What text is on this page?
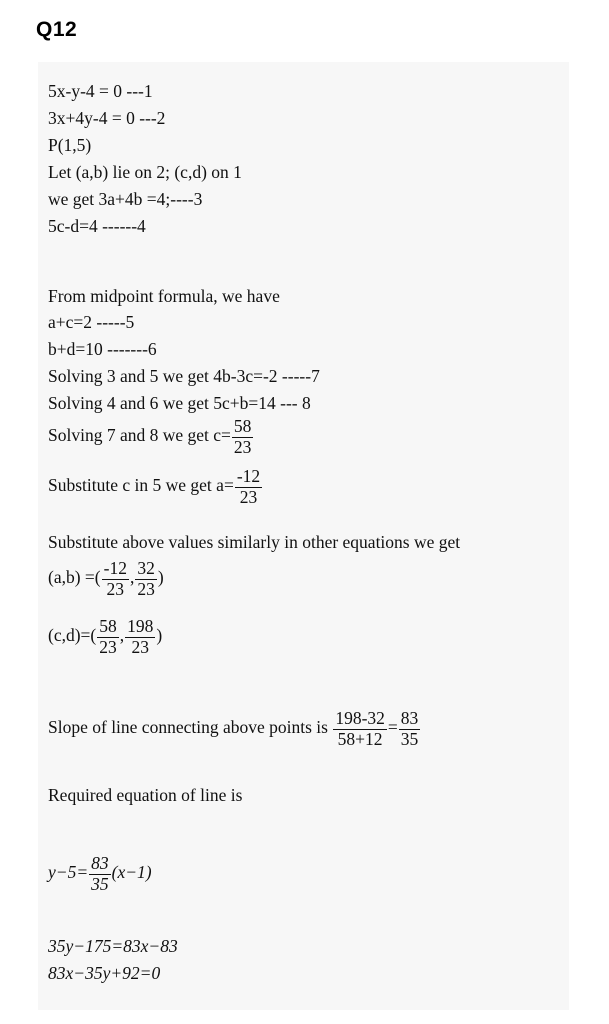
Q12
5x-y-4 = 0 ---1
3x+4y-4 = 0 ---2
P(1,5)
Let (a,b) lie on 2; (c,d) on 1
we get 3a+4b =4;----3
5c-d=4 ------4
From midpoint formula, we have
a+c=2 -----5
b+d=10 -------6
Solving 3 and 5 we get 4b-3c=-2 -----7
Solving 4 and 6 we get 5c+b=14 --- 8
Solving 7 and 8 we get $c= \frac{58}{23}$
Substitute c in 5 we get $a= \frac{-12}{23}$
Substitute above values similarly in other equations we get
(a,b) =( $\frac{-12}{23}$ , $\frac{32}{23}$ )
$(c,d)=( \frac{58}{23}$ , $\frac{198}{23}$ )
Slope of line connecting above points is $\frac{198-32}{58+12} = \frac{83}{35}$
Required equation of line is
$y-5= \frac{83}{35} (x-1)$
35y−175=83x−83
83x−35y+92=0
